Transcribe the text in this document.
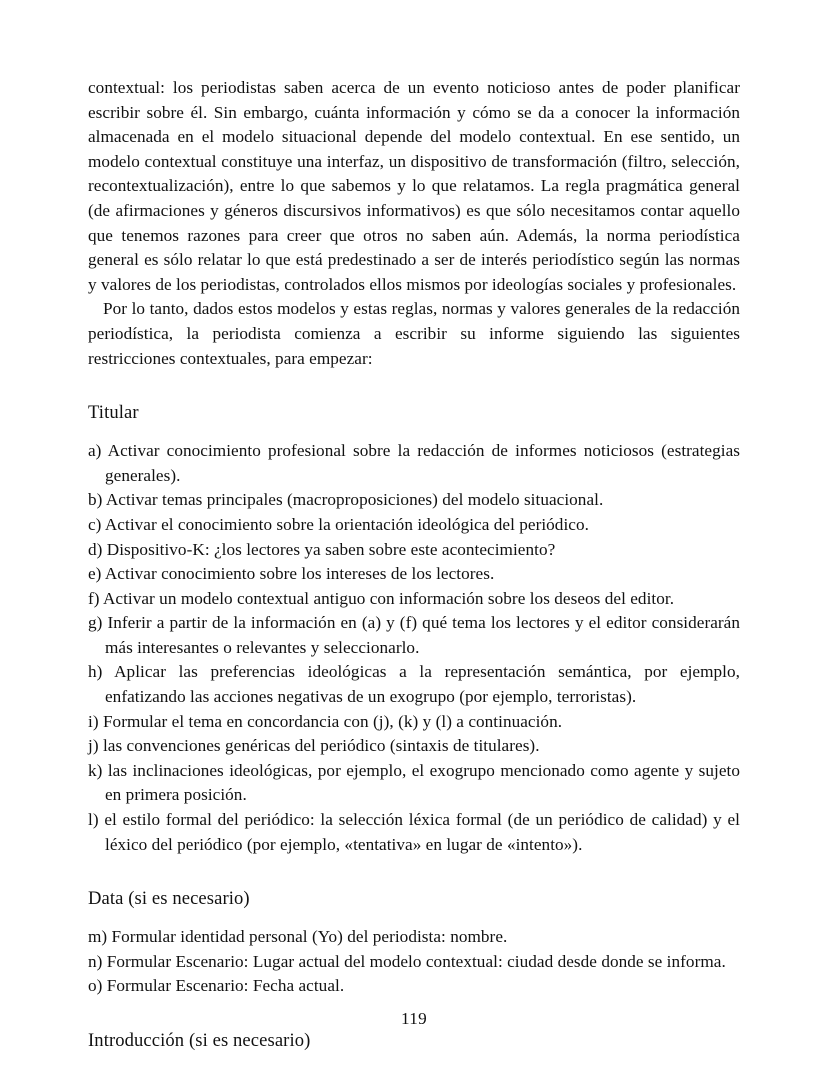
contextual: los periodistas saben acerca de un evento noticioso antes de poder planificar escribir sobre él. Sin embargo, cuánta información y cómo se da a conocer la información almacenada en el modelo situacional depende del modelo contextual. En ese sentido, un modelo contextual constituye una interfaz, un dispositivo de transformación (filtro, selección, recontextualización), entre lo que sabemos y lo que relatamos. La regla pragmática general (de afirmaciones y géneros discursivos informativos) es que sólo necesitamos contar aquello que tenemos razones para creer que otros no saben aún. Además, la norma periodística general es sólo relatar lo que está predestinado a ser de interés periodístico según las normas y valores de los periodistas, controlados ellos mismos por ideologías sociales y profesionales.

Por lo tanto, dados estos modelos y estas reglas, normas y valores generales de la redacción periodística, la periodista comienza a escribir su informe siguiendo las siguientes restricciones contextuales, para empezar:

Titular
a) Activar conocimiento profesional sobre la redacción de informes noticiosos (estrategias generales).
b) Activar temas principales (macroproposiciones) del modelo situacional.
c) Activar el conocimiento sobre la orientación ideológica del periódico.
d) Dispositivo-K: ¿los lectores ya saben sobre este acontecimiento?
e) Activar conocimiento sobre los intereses de los lectores.
f) Activar un modelo contextual antiguo con información sobre los deseos del editor.
g) Inferir a partir de la información en (a) y (f) qué tema los lectores y el editor considerarán más interesantes o relevantes y seleccionarlo.
h) Aplicar las preferencias ideológicas a la representación semántica, por ejemplo, enfatizando las acciones negativas de un exogrupo (por ejemplo, terroristas).
i) Formular el tema en concordancia con (j), (k) y (l) a continuación.
j) las convenciones genéricas del periódico (sintaxis de titulares).
k) las inclinaciones ideológicas, por ejemplo, el exogrupo mencionado como agente y sujeto en primera posición.
l) el estilo formal del periódico: la selección léxica formal (de un periódico de calidad) y el léxico del periódico (por ejemplo, «tentativa» en lugar de «intento»).
Data (si es necesario)
m) Formular identidad personal (Yo) del periodista: nombre.
n) Formular Escenario: Lugar actual del modelo contextual: ciudad desde donde se informa.
o) Formular Escenario: Fecha actual.
Introducción (si es necesario)
119
